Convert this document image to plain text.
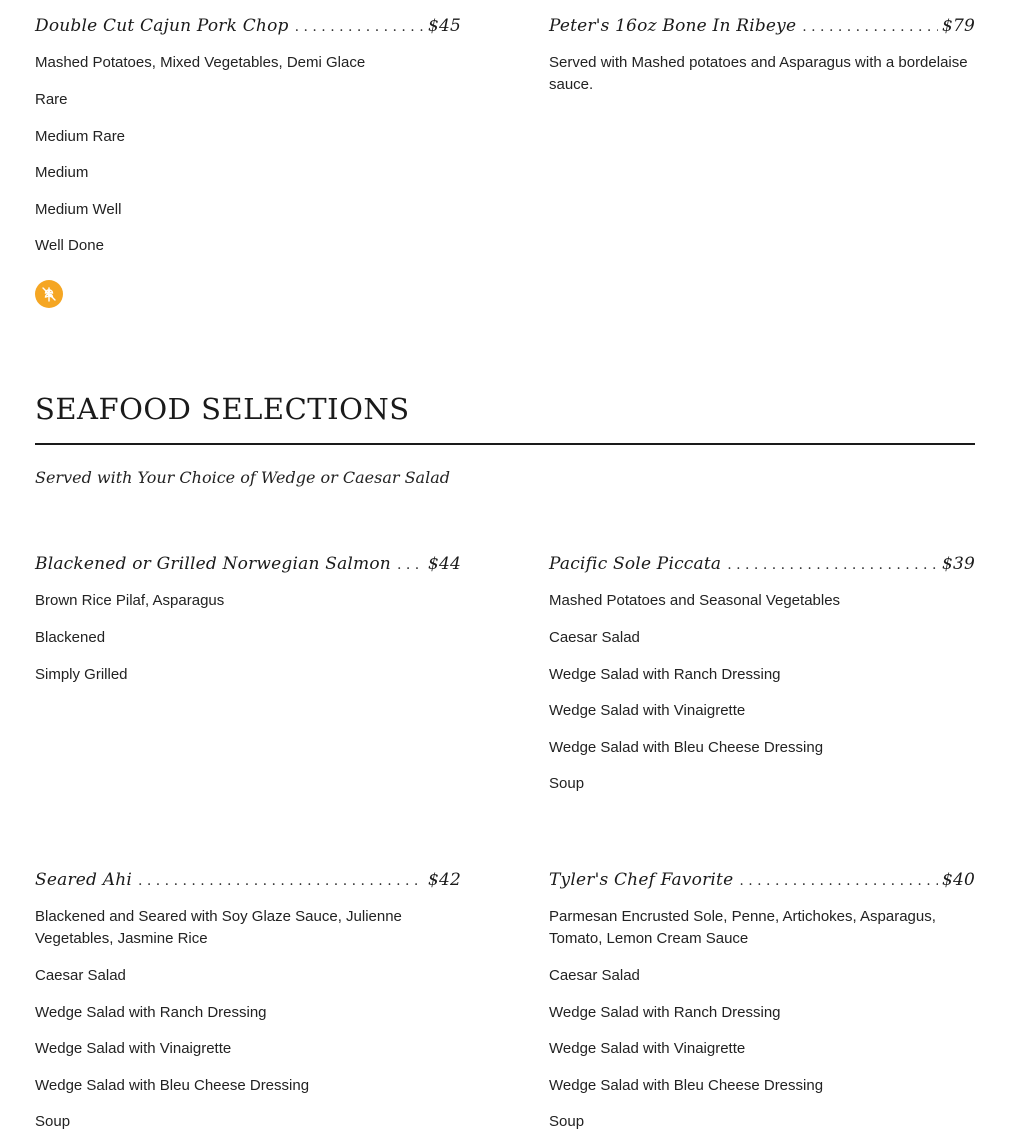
Double Cut Cajun Pork Chop . . .	$45
Mashed Potatoes, Mixed Vegetables, Demi Glace
Rare
Medium Rare
Medium
Medium Well
Well Done
Peter's 16oz Bone In Ribeye . . .	$79
Served with Mashed potatoes and Asparagus with a bordelaise sauce.
SEAFOOD SELECTIONS
Served with Your Choice of Wedge or Caesar Salad
Blackened or Grilled Norwegian Salmon . . . $44
Brown Rice Pilaf, Asparagus
Blackened
Simply Grilled
Pacific Sole Piccata . . .	$39
Mashed Potatoes and Seasonal Vegetables
Caesar Salad
Wedge Salad with Ranch Dressing
Wedge Salad with Vinaigrette
Wedge Salad with Bleu Cheese Dressing
Soup
Seared Ahi . . .	$42
Blackened and Seared with Soy Glaze Sauce, Julienne Vegetables, Jasmine Rice
Caesar Salad
Wedge Salad with Ranch Dressing
Wedge Salad with Vinaigrette
Wedge Salad with Bleu Cheese Dressing
Soup
Tyler's Chef Favorite . . .	$40
Parmesan Encrusted Sole, Penne, Artichokes, Asparagus, Tomato, Lemon Cream Sauce
Caesar Salad
Wedge Salad with Ranch Dressing
Wedge Salad with Vinaigrette
Wedge Salad with Bleu Cheese Dressing
Soup
